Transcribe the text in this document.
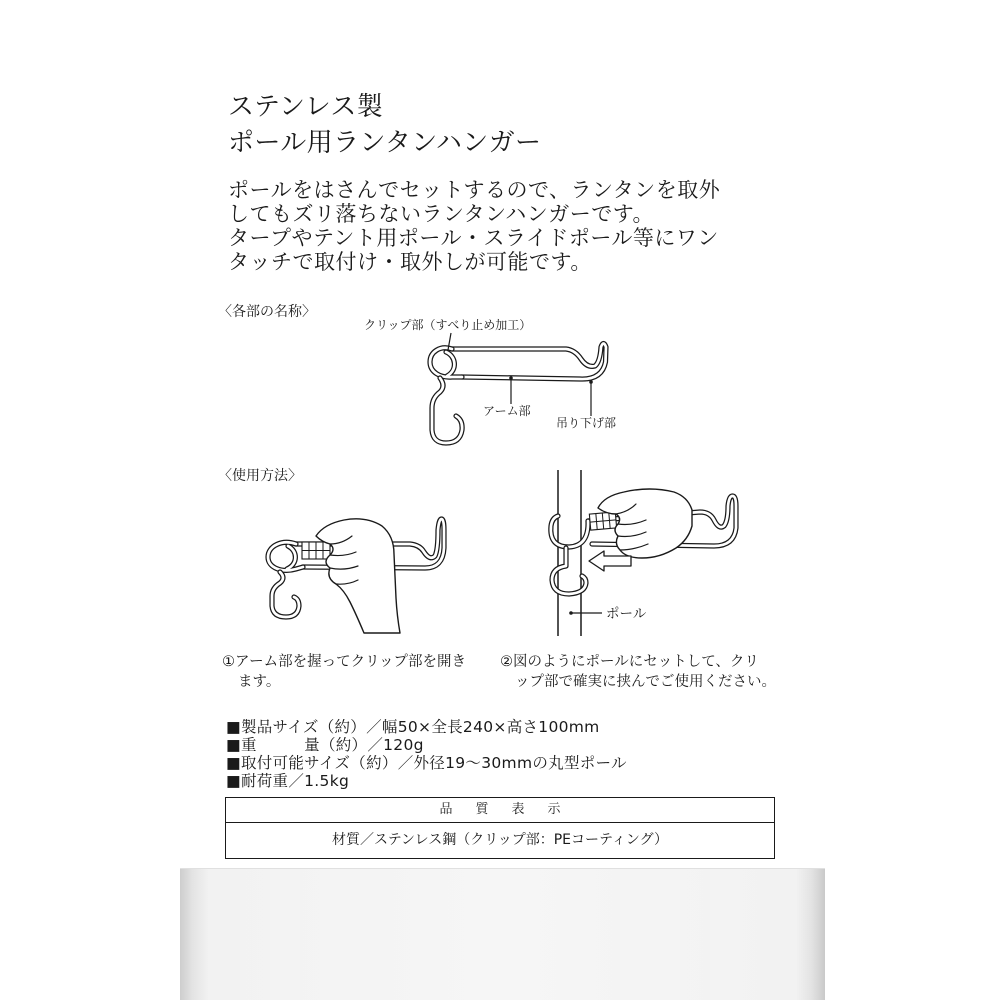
ステンレス製
ポール用ランタンハンガー
ポールをはさんでセットするので、ランタンを取外
してもズリ落ちないランタンハンガーです。
タープやテント用ポール・スライドポール等にワン
タッチで取付け・取外しが可能です。
〈各部の名称〉
クリップ部（すべり止め加工）
アーム部
吊り下げ部
〈使用方法〉
ポール
①アーム部を握ってクリップ部を開き
ます。
②図のようにポールにセットして、クリ
ップ部で確実に挟んでご使用ください。
■製品サイズ（約）／幅50×全長240×高さ100mm
■重　　　量（約）／120g
■取付可能サイズ（約）／外径19～30mmの丸型ポール
■耐荷重／1.5kg
品　質　表　示
材質／ステンレス鋼（クリップ部：PEコーティング）
